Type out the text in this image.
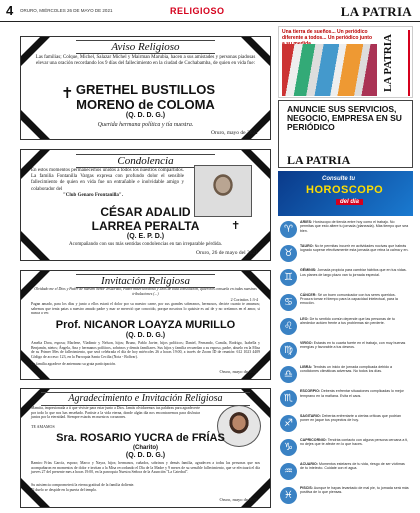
4 ORURO, MIÉRCOLES 26 DE MAYO DE 2021	RELIGIOSO	LA PATRIA
Aviso Religioso
Las familias; Colque, Michel, Salazar Michel y Mairman Marubia, hacen a sus amistades y personas piadosas elevar una oración recordando los 9 días del fallecimiento en la ciudad de Cochabamba, de quien en vida fue:
✝ GRETHEL BUSTILLOS
MORENO de COLOMA
(Q. D. D. G.)
Querida hermana política y tía nuestra.
Oruro, mayo de 2021
Condolencia
En estos momentos permanecemos unidos a todos los nuestros compartidos. La familia Fontanilla Vargas expresa con profundo dolor el sensible fallecimiento de quien en vida fue un entrañable e inolvidable amigo y colaborador del
"Club Genaro Frontanilla".
CÉSAR ADALID
LARREA PERALTA	✝
(Q. E. P. D.)
Acompañando con sus más sentidas condolencias en tan irreparable pérdida.
Oruro, 26 de mayo del 2021
Invitación Religiosa
Olvidado me el Dios y Padre de nuestro Señor Jesucristo, Padre misericordioso y Dios de toda consolación, quien nos consuela en todas nuestras tribulaciones (...)
2 Corintios 1:3-4
Pagan amado, para los días y junto a ellos estará el dolor por su nuestro carne, por sus grandes soberanos, hermosos, decirte cuanto te amamos; sabemos que tenia patas a nuestro amado padre y mar se mereció que conocido, porque nosotros lo quisiste es así de y no creíamos en el amor, si nunca a ver.
Prof. NICANOR LOAYZA MURILLO
(Q. D. D. G.)
Amelia Dora, esposa; Marlene, Vladimir y Nelson, hijos; Bruno, Pablo Javier, hijos políticos; Daniel, Fernando, Camila, Rodrigo, Isabella y Benjamín, nietos; Ángela, Ana y hermanos políticos, sobrinos y demás familiares. Sus hijos y familia recuerdan a su esposo, padre, abuelo en la Misa de su Primer Mes de fallecimiento, que será celebrada el día de hoy miércoles 26 a horas 19:00, a través de Zoom ID de reunión: 612 1023 4409 Código de acceso: 123, en la Parroquia Santa Cecilia (Nota - Bolívar).
La familia agradece de antemano su grata participación.
Oruro, mayo de 2021
Agradecimiento e Invitación Religiosa
Mamita, impresionada a ti que viviste para estar junto a Dios. Jamás olvidaremos tus palabras para agradecerte por todo lo que nos has enseñado. Partiste a la vida eterna, donde algún día nos encontraremos para disfrutar juntos por la eternidad. Siempre estarás en nuestros corazones.
TE AMAMOS
Sra. ROSARIO YUCRA de FRÍAS
(Charito)
(Q. D. D. G.)
Ramiro Frías García, esposo; Marco y Nayra, hijos; hermanos, cuñados, sobrinos y demás familia, agradecen a todas las personas que nos acompañaron en momentos de dolor e invitan a la Misa recordando el Día de la Madre y 9 meses de su sensible fallecimiento, que se efectuará el día jueves 27 del presente mes a horas 19:00, en la parroquia Nuestra Señora de la Asunción "La Catedral".
Su asistencia comprometerá la eterna gratitud de la familia doliente.
El duelo se despide en la puerta del templo.
Oruro, mayo de 2021
Una tierra de sueños... Un periódico diferente a todos... Un periódico junto LA PATRIA
ANUNCIE SUS SERVICIOS, NEGOCIO, EMPRESA EN SU PERIÓDICO
LA PATRIA
Consulte tu
HOROSCOPO
del día
♈
ARIES: Horóscopo de tienda entre hoy como el trabajo. No permitas que esto altere tu jornada (planeada). Más tiempo que sea bien.
♉
TAURO: No te permitas incurrir en actividades nocivas que habrás logrado superar efectivamente esta jornada que reina la calma y en.
♊
GÉMINIS: Jornada propicia para cambiar hábitos que en tus vidas. Los planes de largo plazo van tu jornada especial.
♋
CÁNCER: Sé un buen comunicador con tus seres queridos. Procura tomar el tiempo para la capacidad intelectual, para la emoción.
♌
LEO: De tu sentido común depende que las personas de tu alrededor actúen frente a tus problemas sin perderte.
♍
VIRGO: Estarás en tu cuarta fuerte en el trabajo, con muy buenas energías y favorable a tus deseos.
♎
LIBRA: Tendrás un inicio de jornada complicada debido a condiciones climáticas adversas. No todos los días.
♏
ESCORPIO: Deberás enfrentar situaciones complicadas lo mejor temprano en la mañana. Evita el caos.
♐
SAGITARIO: Deberás enfrentarte a ciertas críticas que podrían poner en jaque tus proyectos de hoy.
♑
CAPRICORNIO: Tendrás contacto con alguna persona cercana a ti, no dejes que te afecte en lo que haces.
♒
ACUARIO: Momentos estelares de tu vida, riesgo de ser víctimas de tu intelecto. Cuidate con el agua.
♓
PISCIS: Aunque te hayas levantado de mal pie, tu jornada será más positiva de lo que piensas.
